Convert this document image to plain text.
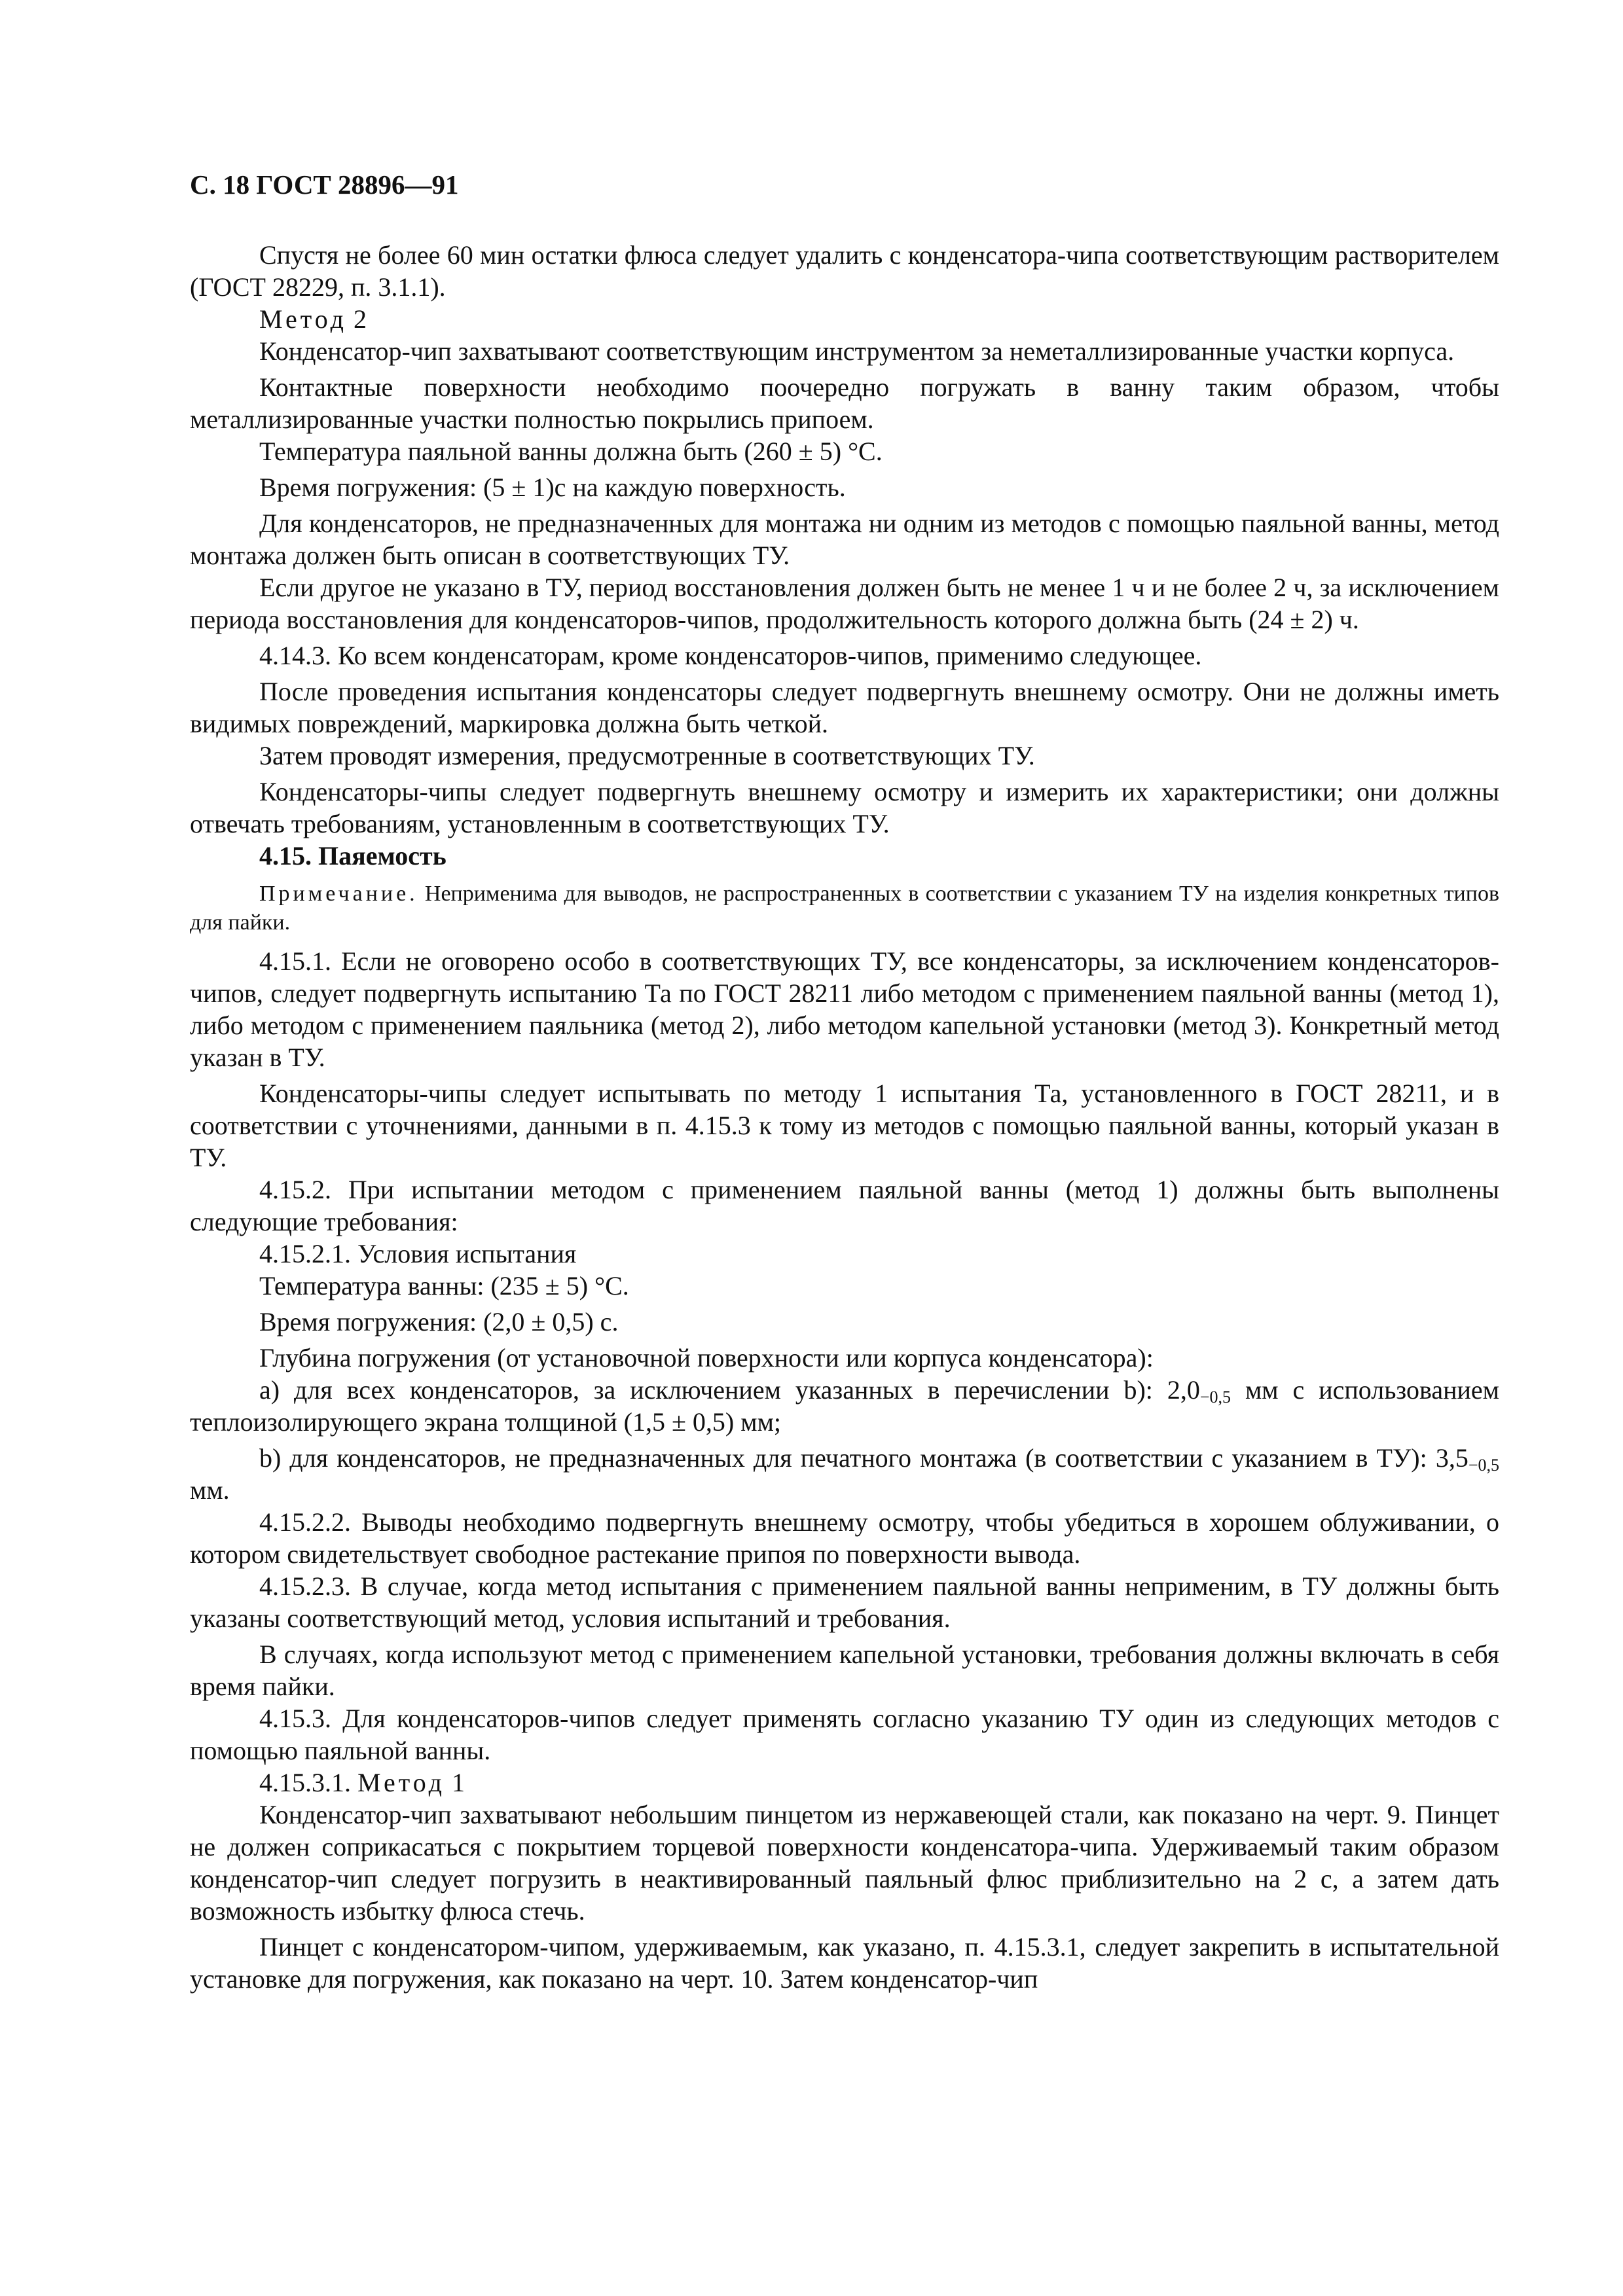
С. 18 ГОСТ 28896—91

Спустя не более 60 мин остатки флюса следует удалить с конденсатора-чипа соответствующим растворителем (ГОСТ 28229, п. 3.1.1).

Метод 2

Конденсатор-чип захватывают соответствующим инструментом за неметаллизированные участки корпуса.

Контактные поверхности необходимо поочередно погружать в ванну таким образом, чтобы металлизированные участки полностью покрылись припоем.

Температура паяльной ванны должна быть (260 ± 5) °С.

Время погружения: (5 ± 1)с на каждую поверхность.

Для конденсаторов, не предназначенных для монтажа ни одним из методов с помощью паяльной ванны, метод монтажа должен быть описан в соответствующих ТУ.

Если другое не указано в ТУ, период восстановления должен быть не менее 1 ч и не более 2 ч, за исключением периода восстановления для конденсаторов-чипов, продолжительность которого должна быть (24 ± 2) ч.

4.14.3. Ко всем конденсаторам, кроме конденсаторов-чипов, применимо следующее.

После проведения испытания конденсаторы следует подвергнуть внешнему осмотру. Они не должны иметь видимых повреждений, маркировка должна быть четкой.

Затем проводят измерения, предусмотренные в соответствующих ТУ.

Конденсаторы-чипы следует подвергнуть внешнему осмотру и измерить их характеристики; они должны отвечать требованиям, установленным в соответствующих ТУ.

4.15. Паяемость

Примечание. Неприменима для выводов, не распространенных в соответствии с указанием ТУ на изделия конкретных типов для пайки.

4.15.1. Если не оговорено особо в соответствующих ТУ, все конденсаторы, за исключением конденсаторов-чипов, следует подвергнуть испытанию Та по ГОСТ 28211 либо методом с применением паяльной ванны (метод 1), либо методом с применением паяльника (метод 2), либо методом капельной установки (метод 3). Конкретный метод указан в ТУ.

Конденсаторы-чипы следует испытывать по методу 1 испытания Та, установленного в ГОСТ 28211, и в соответствии с уточнениями, данными в п. 4.15.3 к тому из методов с помощью паяльной ванны, который указан в ТУ.

4.15.2. При испытании методом с применением паяльной ванны (метод 1) должны быть выполнены следующие требования:

4.15.2.1. Условия испытания

Температура ванны: (235 ± 5) °С.

Время погружения: (2,0 ± 0,5) с.

Глубина погружения (от установочной поверхности или корпуса конденсатора):

а) для всех конденсаторов, за исключением указанных в перечислении b): $2,0_{-0,5}$ мм с использованием теплоизолирующего экрана толщиной (1,5 ± 0,5) мм;

b) для конденсаторов, не предназначенных для печатного монтажа (в соответствии с указанием в ТУ): $3,5_{-0,5}$ мм.

4.15.2.2. Выводы необходимо подвергнуть внешнему осмотру, чтобы убедиться в хорошем облуживании, о котором свидетельствует свободное растекание припоя по поверхности вывода.

4.15.2.3. В случае, когда метод испытания с применением паяльной ванны неприменим, в ТУ должны быть указаны соответствующий метод, условия испытаний и требования.

В случаях, когда используют метод с применением капельной установки, требования должны включать в себя время пайки.

4.15.3. Для конденсаторов-чипов следует применять согласно указанию ТУ один из следующих методов с помощью паяльной ванны.

4.15.3.1. Метод 1

Конденсатор-чип захватывают небольшим пинцетом из нержавеющей стали, как показано на черт. 9. Пинцет не должен соприкасаться с покрытием торцевой поверхности конденсатора-чипа. Удерживаемый таким образом конденсатор-чип следует погрузить в неактивированный паяльный флюс приблизительно на 2 с, а затем дать возможность избытку флюса стечь.

Пинцет с конденсатором-чипом, удерживаемым, как указано, п. 4.15.3.1, следует закрепить в испытательной установке для погружения, как показано на черт. 10. Затем конденсатор-чип
